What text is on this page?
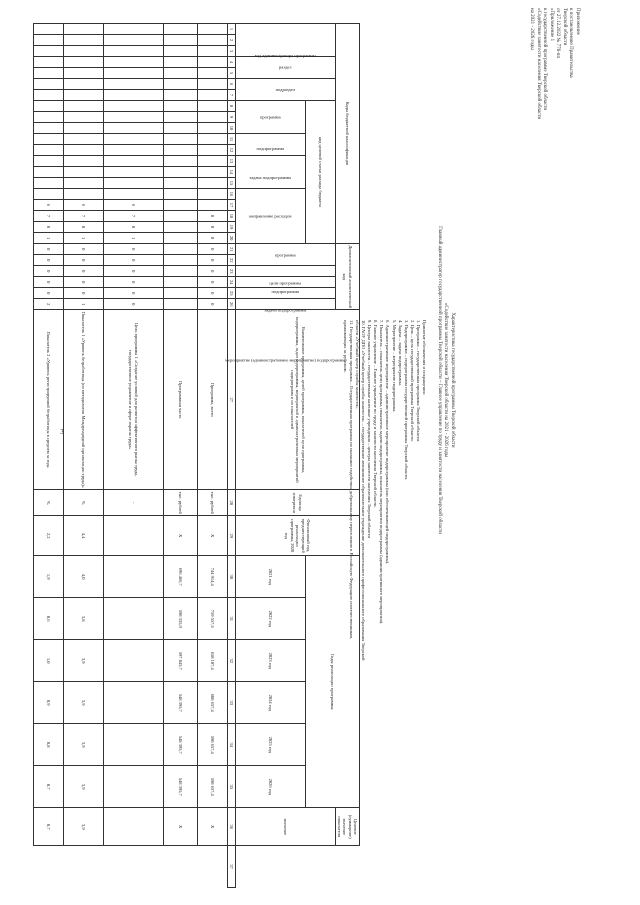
3
Приложение
к постановлению Правительства
Тверской области
от 27.12.2022 № 776-пп
«Приложение 1
к государственной программе Тверской области
«Содействие занятости населения Тверской области
на 2021 - 2026 годы
Характеристика государственной программы Тверской области
«Содействие занятости населения Тверской области на 2021 - 2026 годы
Главный администратор государственной программы Тверской области – Главное управление по труду и занятости населения Тверской области
Принятые обозначения и сокращения:
1. Программа – государственная программа Тверской области.
2. Цель – цель государственной программы Тверской области.
3. Подпрограмма – подпрограмма государственной программы Тверской области.
4. Задача – задача подпрограммы.
5. Мероприятие – мероприятие подпрограммы.
6. Административное мероприятие – административное мероприятие подпрограммы (или обеспечивающей подпрограммы).
7. Показатель – показатель цели программы, показатель задачи подпрограммы, показатель мероприятия подпрограммы (административного мероприятия).
8. Главное управление – Главное управление по труду и занятости населения Тверской области.
9. Центры занятости – государственные казенные учреждения – центры занятости населения Тверской области
10. ГАОУ ДПО «Учебный центр службы занятости» – государственное автономное образовательное учреждение дополнительного профессионального образования Тверской
области «Учебный центр службы занятости».
11. Государственная программа – Государственная программа по оказанию содействия добровольному переселению в Российскую Федерацию соотечественников,
проживающих за рубежом.
Коды бюджетной классификации																				Дополнительный аналитический код						Наименование программы, целей программы, показателей цели программы, подпрограммы, задач подпрограммы, мероприятий и административных мероприятий подпрограмм и их показателей	Единица измерения	Финансовый год, предшествующий реализации программы, 2020 год	Годы реализации программы						Целевое (суммарное) значение показателя	
код администратора программы			раздел		подраздел		код целевой статьи расхода бюджета													программа		цели программы	подпрограмма	задачи подпрограммы	мероприятие (административное мероприятие) подпрограммы										значение	
							программа			подпрограмма		задача подпрограммы			направление расходов														2021 год	2022 год	2023 год	2024 год	2025 год	2026 год		
1	2	3	4	5	6	7	8	9	10	11	12	13	14	15	16	17	18	19	20	21	22	23	24	25	26	27	28	29	30	31	32	33	34	35	36	37
																	0	0	0	0	0	0	0	0	0	Программа, всего	тыс. рублей	X	744 914,4	759 557,6	658 107,4	608 657,4	598 657,4	598 657,4	X	
																										Программная часть	тыс. рублей	X	696 466,7	598 335,9	597 845,7	548 395,7	548 395,7	548 395,7	X	
																6	7	0	1	0	0	0	0	0	0	Цель программы 1 «Создание условий для развития эффективного рынка труда, государственное управление в сфере охраны труда»	-									
																6	7	0	1	0	0	0	0	0	1	Показатель 1 «Уровень безработицы (по методологии Международной организации труда)»	%	4,4	4,0	3,8	3,9	3,9	3,9	3,9	3,9	
																6	7	0	1	0	0	0	0	0	2	Показатель 2 «Уровень регистрируемой безработицы в среднем за год»	%	2,2	1,9	0,6	1,0	0,9	0,8	0,7	0,7	
